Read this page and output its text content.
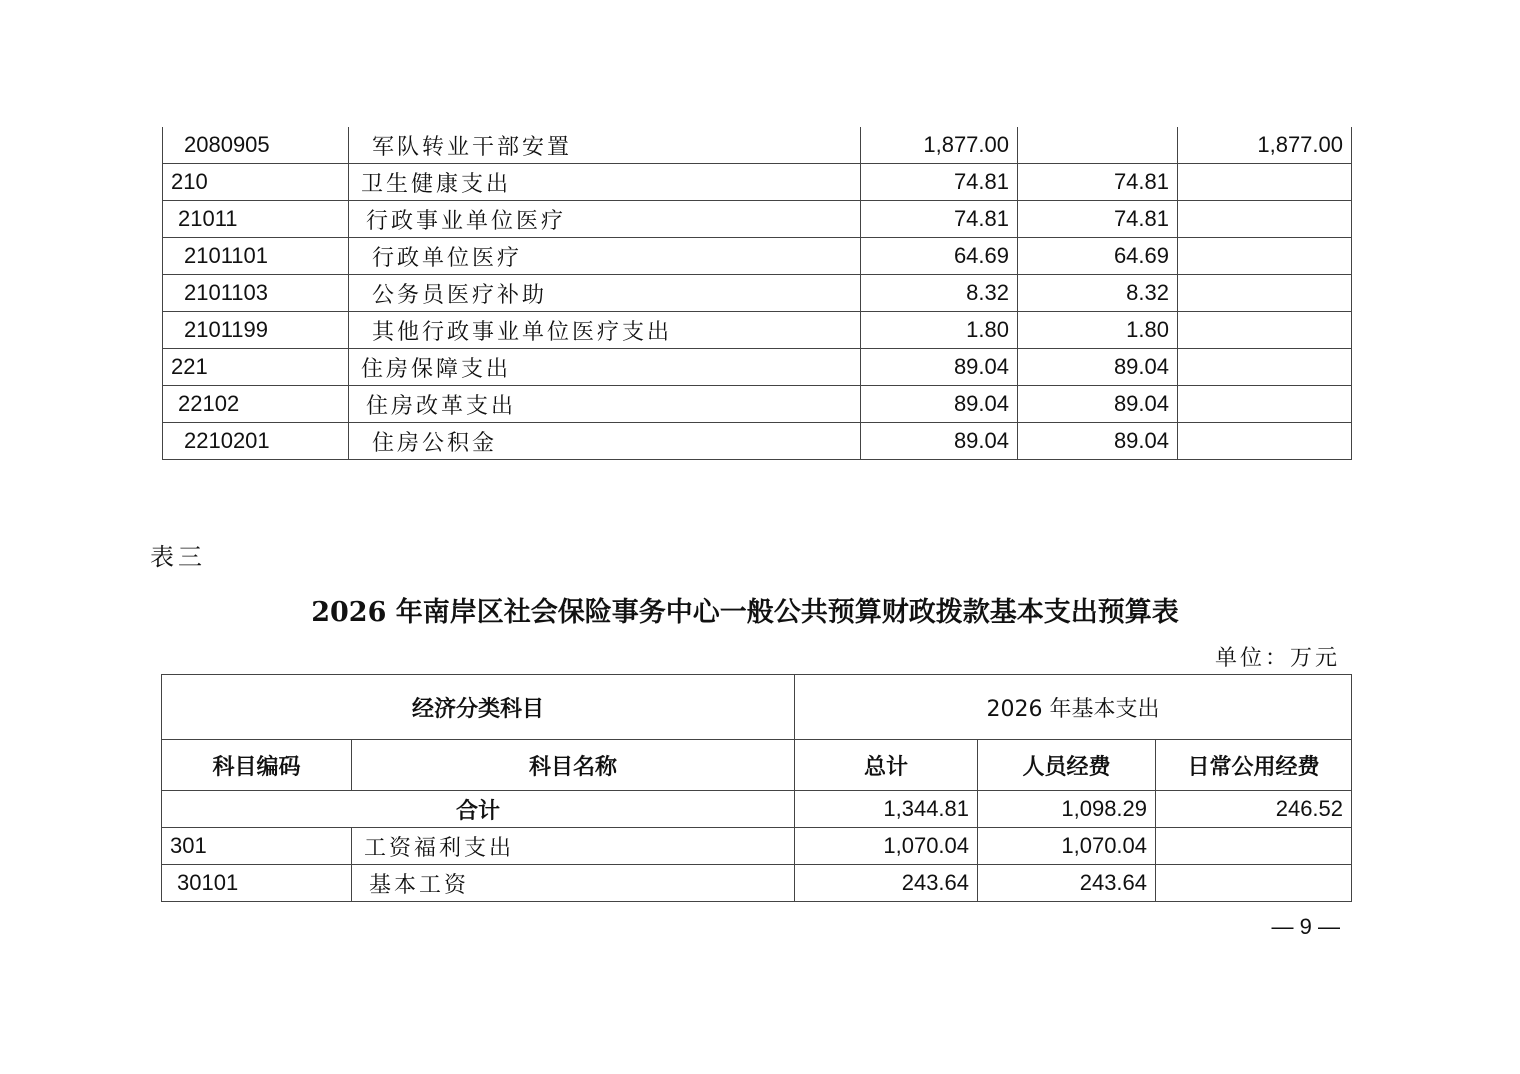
2080905	军队转业干部安置	1,877.00		1,877.00
210	卫生健康支出	74.81	74.81	
21011	行政事业单位医疗	74.81	74.81	
2101101	行政单位医疗	64.69	64.69	
2101103	公务员医疗补助	8.32	8.32	
2101199	其他行政事业单位医疗支出	1.80	1.80	
221	住房保障支出	89.04	89.04	
22102	住房改革支出	89.04	89.04	
2210201	住房公积金	89.04	89.04	
表三
2026 年南岸区社会保险事务中心一般公共预算财政拨款基本支出预算表
单位：万元
经济分类科目		2026 年基本支出		
科目编码	科目名称	总计	人员经费	日常公用经费
合计		1,344.81	1,098.29	246.52
301	工资福利支出	1,070.04	1,070.04	
30101	基本工资	243.64	243.64	
— 9 —
